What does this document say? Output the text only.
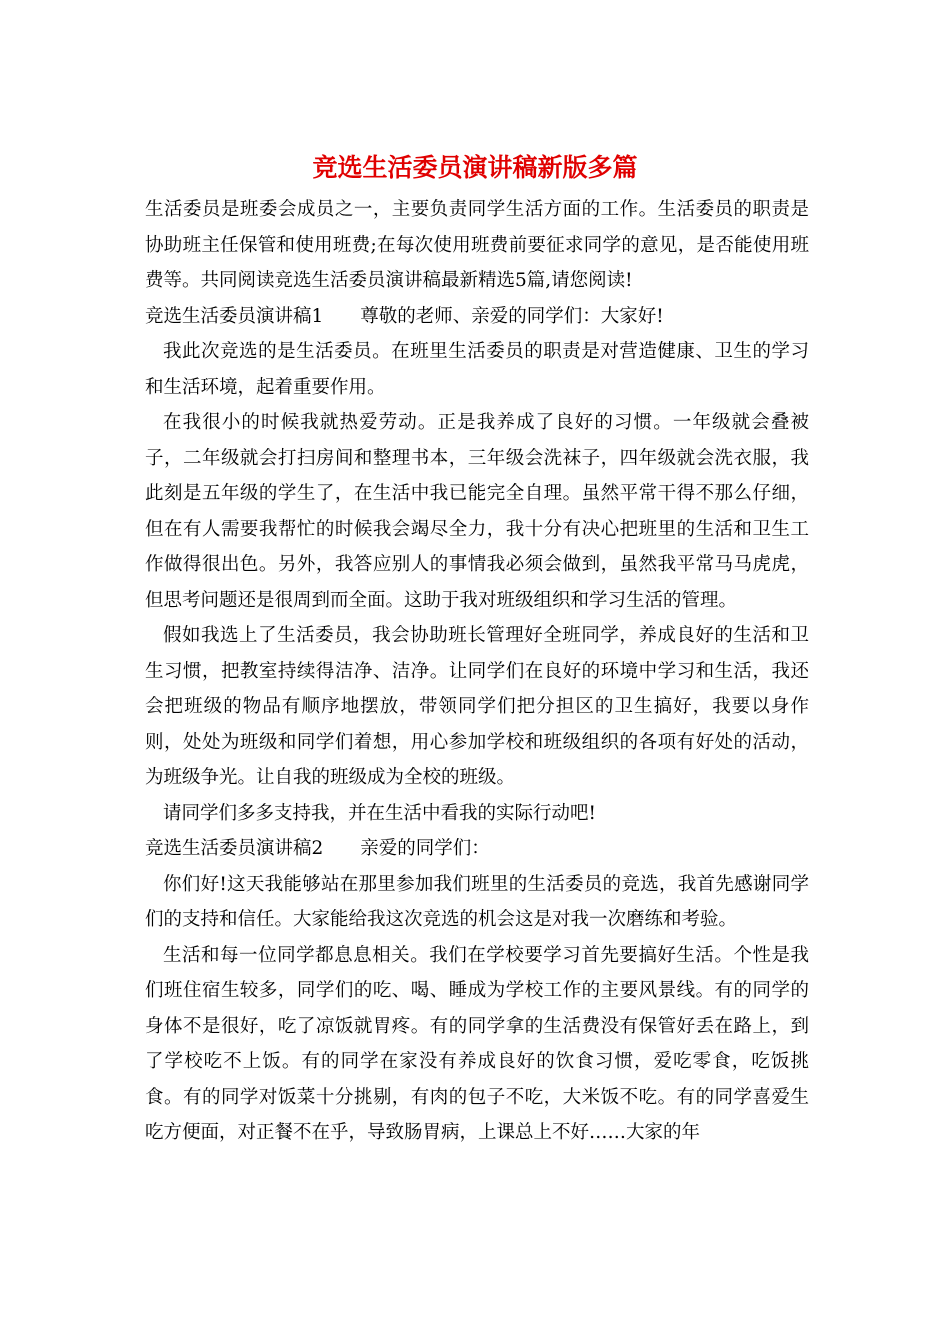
竞选生活委员演讲稿新版多篇

生活委员是班委会成员之一，主要负责同学生活方面的工作。生活委员的职责是协助班主任保管和使用班费;在每次使用班费前要征求同学的意见，是否能使用班费等。共同阅读竞选生活委员演讲稿最新精选5篇,请您阅读!

竞选生活委员演讲稿1　　尊敬的老师、亲爱的同学们：大家好!

我此次竞选的是生活委员。在班里生活委员的职责是对营造健康、卫生的学习和生活环境，起着重要作用。

在我很小的时候我就热爱劳动。正是我养成了良好的习惯。一年级就会叠被子，二年级就会打扫房间和整理书本，三年级会洗袜子，四年级就会洗衣服，我此刻是五年级的学生了，在生活中我已能完全自理。虽然平常干得不那么仔细，但在有人需要我帮忙的时候我会竭尽全力，我十分有决心把班里的生活和卫生工作做得很出色。另外，我答应别人的事情我必须会做到，虽然我平常马马虎虎，但思考问题还是很周到而全面。这助于我对班级组织和学习生活的管理。

假如我选上了生活委员，我会协助班长管理好全班同学，养成良好的生活和卫生习惯，把教室持续得洁净、洁净。让同学们在良好的环境中学习和生活，我还会把班级的物品有顺序地摆放，带领同学们把分担区的卫生搞好，我要以身作则，处处为班级和同学们着想，用心参加学校和班级组织的各项有好处的活动，为班级争光。让自我的班级成为全校的班级。

请同学们多多支持我，并在生活中看我的实际行动吧!

竞选生活委员演讲稿2　　亲爱的同学们：

你们好!这天我能够站在那里参加我们班里的生活委员的竞选，我首先感谢同学们的支持和信任。大家能给我这次竞选的机会这是对我一次磨练和考验。

生活和每一位同学都息息相关。我们在学校要学习首先要搞好生活。个性是我们班住宿生较多，同学们的吃、喝、睡成为学校工作的主要风景线。有的同学的身体不是很好，吃了凉饭就胃疼。有的同学拿的生活费没有保管好丢在路上，到了学校吃不上饭。有的同学在家没有养成良好的饮食习惯，爱吃零食，吃饭挑食。有的同学对饭菜十分挑剔，有肉的包子不吃，大米饭不吃。有的同学喜爱生吃方便面，对正餐不在乎，导致肠胃病，上课总上不好……大家的年
